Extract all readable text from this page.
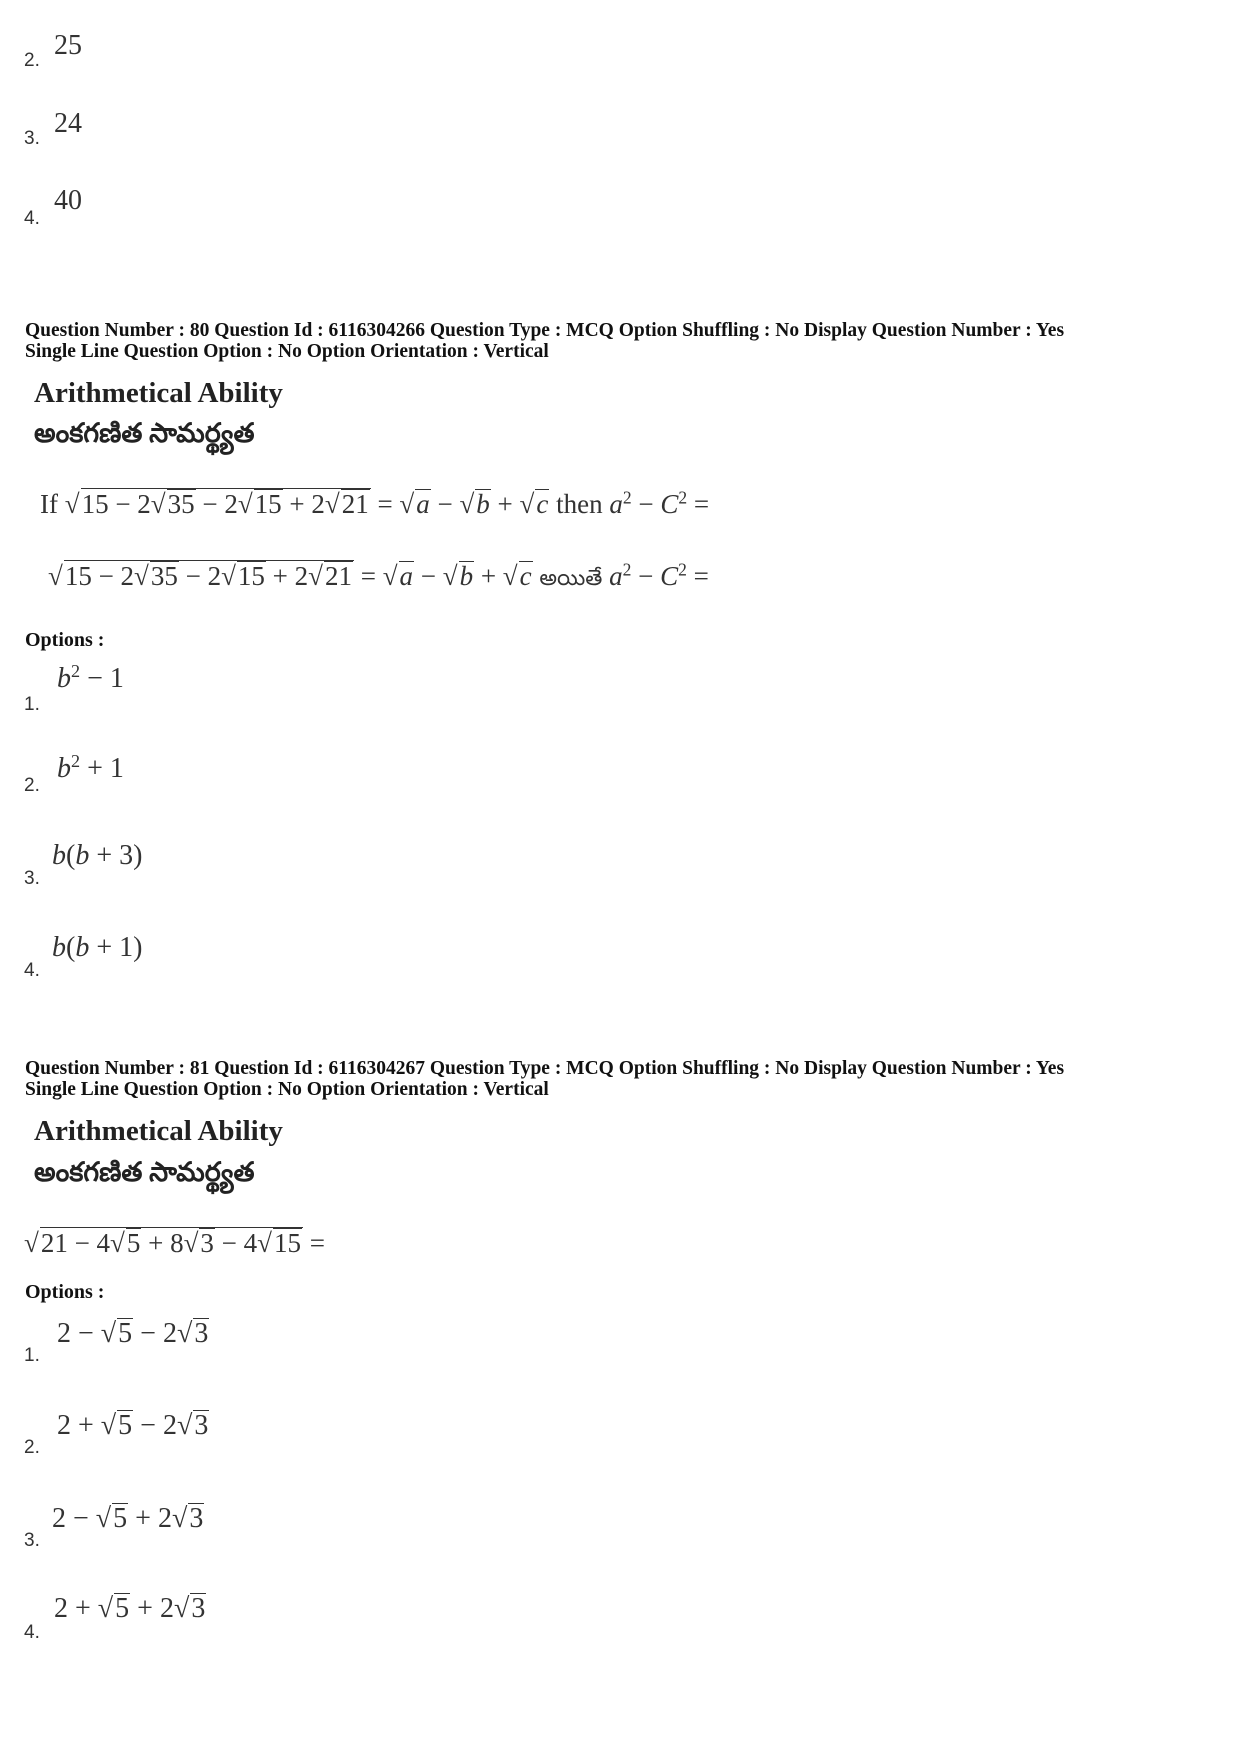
2. 25
3. 24
4.
40
Question Number : 80 Question Id : 6116304266 Question Type : MCQ Option Shuffling : No Display Question Number : Yes
Single Line Question Option : No Option Orientation : Vertical
Arithmetical Ability
అంకగణిత సామర్థ్యత
If √15 − 2√35 − 2√15 + 2√21 = √a − √b + √c then $a^2 - C^2$ =
√15 − 2√35 − 2√15 + 2√21 = √a − √b + √c అయితే $a^2 - C^2$ =
Options :
1.
$b^2 - 1$
2.
$b^2 + 1$
3.
b(b + 3)
4.
b(b + 1)
Question Number : 81 Question Id : 6116304267 Question Type : MCQ Option Shuffling : No Display Question Number : Yes
Single Line Question Option : No Option Orientation : Vertical
Arithmetical Ability
అంకగణిత సామర్థ్యత
√21 − 4√5 + 8√3 − 4√15 =
Options :
1.
2 − √5 − 2√3
2.
2 + √5 − 2√3
3.
2 − √5 + 2√3
4.
2 + √5 + 2√3
